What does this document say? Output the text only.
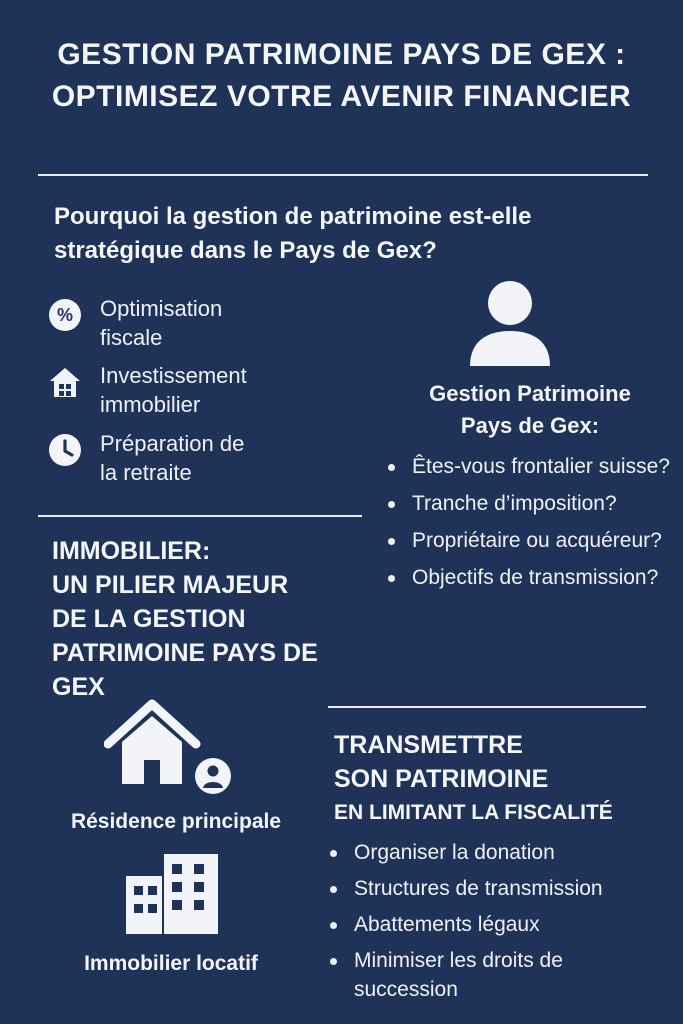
GESTION PATRIMOINE PAYS DE GEX : OPTIMISEZ VOTRE AVENIR FINANCIER
Pourquoi la gestion de patrimoine est-elle stratégique dans le Pays de Gex?
% Optimisation
fiscale
Investissement
immobilier
Préparation de
la retraite
Gestion Patrimoine
Pays de Gex:
Êtes-vous frontalier suisse?
Tranche d’imposition?
Propriétaire ou acquéreur?
Objectifs de transmission?
IMMOBILIER:
UN PILIER MAJEUR
DE LA GESTION
PATRIMOINE PAYS DE
GEX
Résidence principale
Immobilier locatif
TRANSMETTRE
SON PATRIMOINE
EN LIMITANT LA FISCALITÉ
Organiser la donation
Structures de transmission
Abattements légaux
Minimiser les droits de succession
